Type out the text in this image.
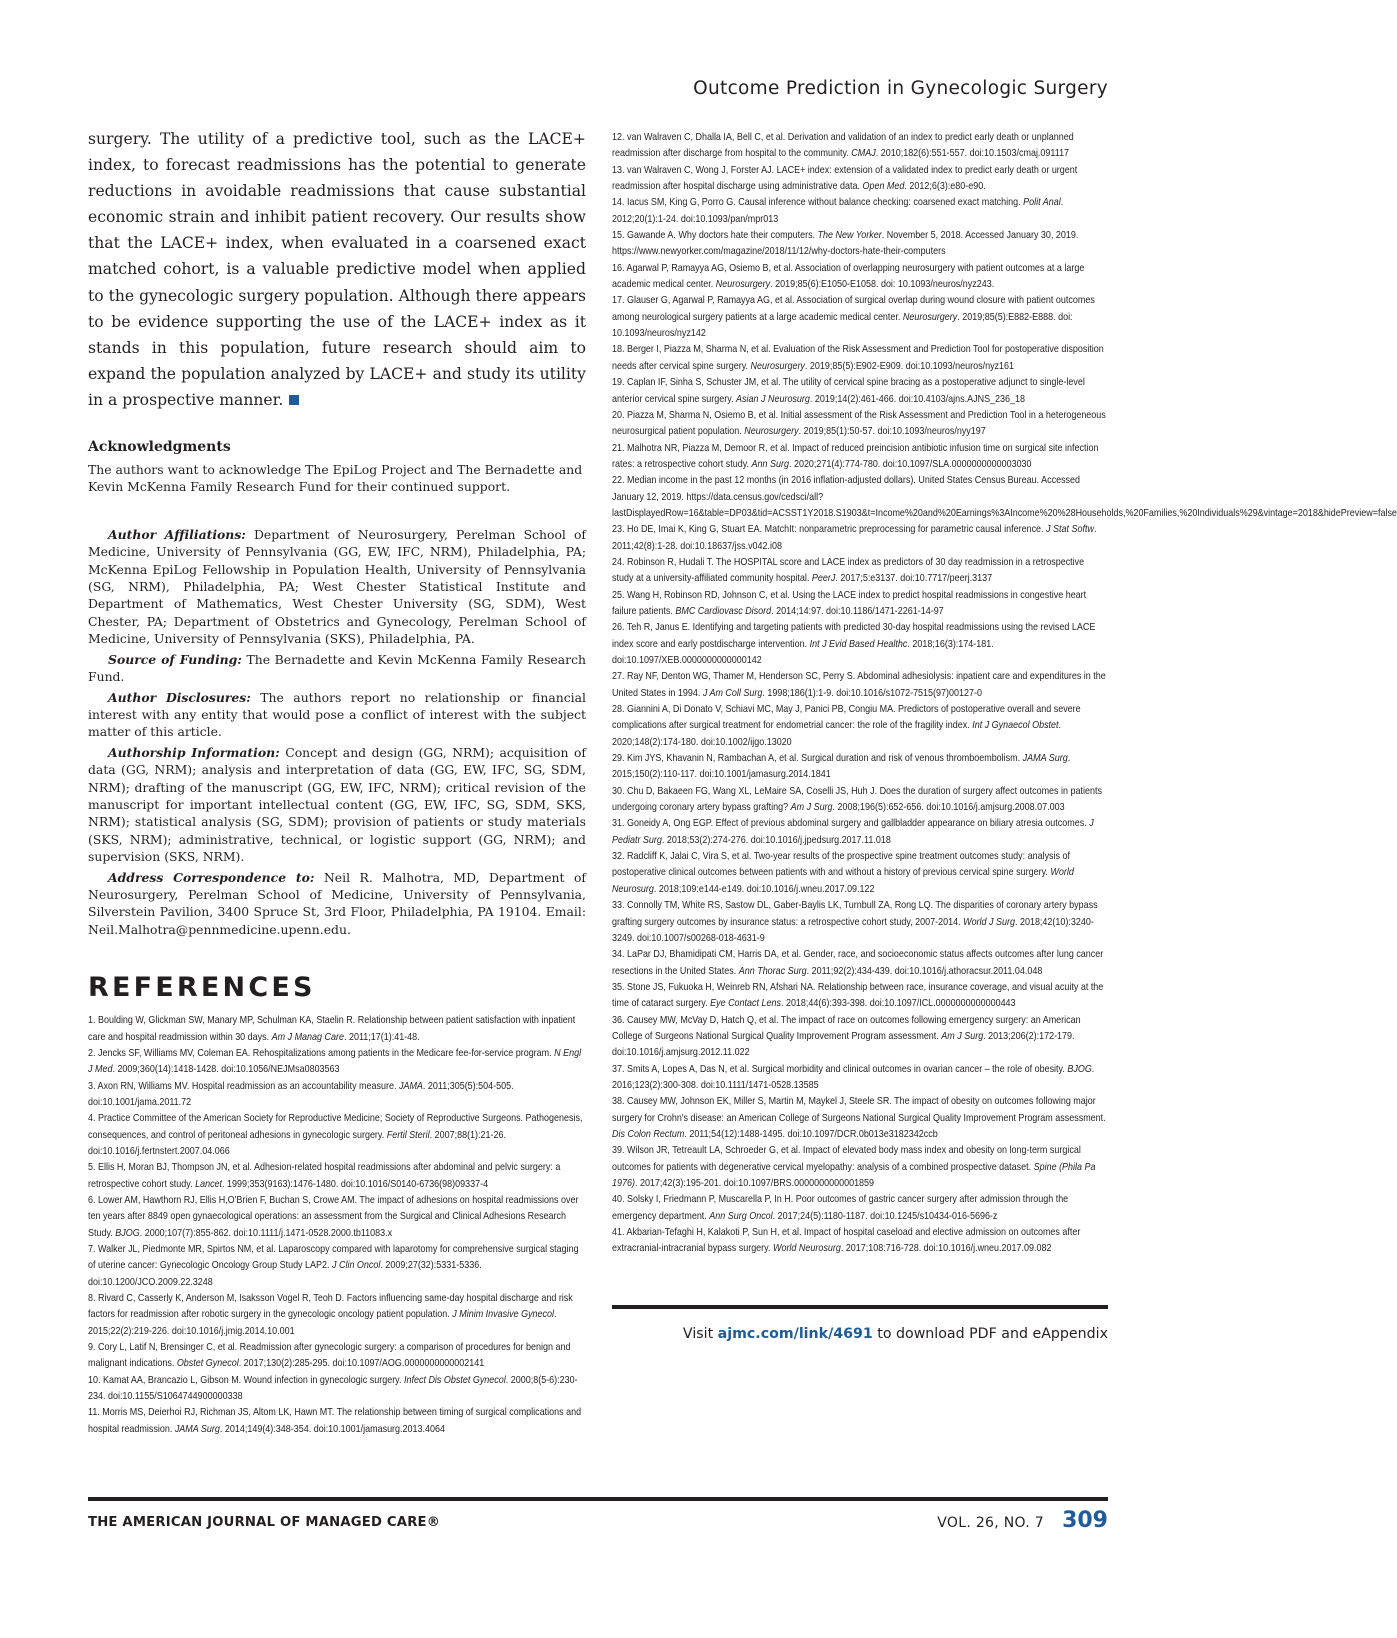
Outcome Prediction in Gynecologic Surgery

surgery. The utility of a predictive tool, such as the LACE+ index, to forecast readmissions has the potential to generate reductions in avoidable readmissions that cause substantial economic strain and inhibit patient recovery. Our results show that the LACE+ index, when evaluated in a coarsened exact matched cohort, is a valuable predictive model when applied to the gynecologic surgery population. Although there appears to be evidence supporting the use of the LACE+ index as it stands in this population, future research should aim to expand the population analyzed by LACE+ and study its utility in a prospective manner.

Acknowledgments

The authors want to acknowledge The EpiLog Project and The Bernadette and Kevin McKenna Family Research Fund for their continued support.

Author Affiliations: Department of Neurosurgery, Perelman School of Medicine, University of Pennsylvania (GG, EW, IFC, NRM), Philadelphia, PA; McKenna EpiLog Fellowship in Population Health, University of Pennsylvania (SG, NRM), Philadelphia, PA; West Chester Statistical Institute and Department of Mathematics, West Chester University (SG, SDM), West Chester, PA; Department of Obstetrics and Gynecology, Perelman School of Medicine, University of Pennsylvania (SKS), Philadelphia, PA.

Source of Funding: The Bernadette and Kevin McKenna Family Research Fund.

Author Disclosures: The authors report no relationship or financial interest with any entity that would pose a conflict of interest with the subject matter of this article.

Authorship Information: Concept and design (GG, NRM); acquisition of data (GG, NRM); analysis and interpretation of data (GG, EW, IFC, SG, SDM, NRM); drafting of the manuscript (GG, EW, IFC, NRM); critical revision of the manuscript for important intellectual content (GG, EW, IFC, SG, SDM, SKS, NRM); statistical analysis (SG, SDM); provision of patients or study materials (SKS, NRM); administrative, technical, or logistic support (GG, NRM); and supervision (SKS, NRM).

Address Correspondence to: Neil R. Malhotra, MD, Department of Neurosurgery, Perelman School of Medicine, University of Pennsylvania, Silverstein Pavilion, 3400 Spruce St, 3rd Floor, Philadelphia, PA 19104. Email: Neil.Malhotra@pennmedicine.upenn.edu.

REFERENCES
1. Boulding W, Glickman SW, Manary MP, Schulman KA, Staelin R. Relationship between patient satisfaction with inpatient care and hospital readmission within 30 days. Am J Manag Care. 2011;17(1):41-48.
2. Jencks SF, Williams MV, Coleman EA. Rehospitalizations among patients in the Medicare fee-for-service program. N Engl J Med. 2009;360(14):1418-1428. doi:10.1056/NEJMsa0803563
3. Axon RN, Williams MV. Hospital readmission as an accountability measure. JAMA. 2011;305(5):504-505. doi:10.1001/jama.2011.72
4. Practice Committee of the American Society for Reproductive Medicine; Society of Reproductive Surgeons. Pathogenesis, consequences, and control of peritoneal adhesions in gynecologic surgery. Fertil Steril. 2007;88(1):21-26. doi:10.1016/j.fertnstert.2007.04.066
5. Ellis H, Moran BJ, Thompson JN, et al. Adhesion-related hospital readmissions after abdominal and pelvic surgery: a retrospective cohort study. Lancet. 1999;353(9163):1476-1480. doi:10.1016/S0140-6736(98)09337-4
6. Lower AM, Hawthorn RJ, Ellis H,O'Brien F, Buchan S, Crowe AM. The impact of adhesions on hospital readmissions over ten years after 8849 open gynaecological operations: an assessment from the Surgical and Clinical Adhesions Research Study. BJOG. 2000;107(7):855-862. doi:10.1111/j.1471-0528.2000.tb11083.x
7. Walker JL, Piedmonte MR, Spirtos NM, et al. Laparoscopy compared with laparotomy for comprehensive surgical staging of uterine cancer: Gynecologic Oncology Group Study LAP2. J Clin Oncol. 2009;27(32):5331-5336. doi:10.1200/JCO.2009.22.3248
8. Rivard C, Casserly K, Anderson M, Isaksson Vogel R, Teoh D. Factors influencing same-day hospital discharge and risk factors for readmission after robotic surgery in the gynecologic oncology patient population. J Minim Invasive Gynecol. 2015;22(2):219-226. doi:10.1016/j.jmig.2014.10.001
9. Cory L, Latif N, Brensinger C, et al. Readmission after gynecologic surgery: a comparison of procedures for benign and malignant indications. Obstet Gynecol. 2017;130(2):285-295. doi:10.1097/AOG.0000000000002141
10. Kamat AA, Brancazio L, Gibson M. Wound infection in gynecologic surgery. Infect Dis Obstet Gynecol. 2000;8(5-6):230-234. doi:10.1155/S1064744900000338
11. Morris MS, Deierhoi RJ, Richman JS, Altom LK, Hawn MT. The relationship between timing of surgical complications and hospital readmission. JAMA Surg. 2014;149(4):348-354. doi:10.1001/jamasurg.2013.4064
12. van Walraven C, Dhalla IA, Bell C, et al. Derivation and validation of an index to predict early death or unplanned readmission after discharge from hospital to the community. CMAJ. 2010;182(6):551-557. doi:10.1503/cmaj.091117
13. van Walraven C, Wong J, Forster AJ. LACE+ index: extension of a validated index to predict early death or urgent readmission after hospital discharge using administrative data. Open Med. 2012;6(3):e80-e90.
14. Iacus SM, King G, Porro G. Causal inference without balance checking: coarsened exact matching. Polit Anal. 2012;20(1):1-24. doi:10.1093/pan/mpr013
15. Gawande A. Why doctors hate their computers. The New Yorker. November 5, 2018. Accessed January 30, 2019. https://www.newyorker.com/magazine/2018/11/12/why-doctors-hate-their-computers
16. Agarwal P, Ramayya AG, Osiemo B, et al. Association of overlapping neurosurgery with patient outcomes at a large academic medical center. Neurosurgery. 2019;85(6):E1050-E1058. doi: 10.1093/neuros/nyz243.
17. Glauser G, Agarwal P, Ramayya AG, et al. Association of surgical overlap during wound closure with patient outcomes among neurological surgery patients at a large academic medical center. Neurosurgery. 2019;85(5):E882-E888. doi: 10.1093/neuros/nyz142
18. Berger I, Piazza M, Sharma N, et al. Evaluation of the Risk Assessment and Prediction Tool for postoperative disposition needs after cervical spine surgery. Neurosurgery. 2019;85(5):E902-E909. doi:10.1093/neuros/nyz161
19. Caplan IF, Sinha S, Schuster JM, et al. The utility of cervical spine bracing as a postoperative adjunct to single-level anterior cervical spine surgery. Asian J Neurosurg. 2019;14(2):461-466. doi:10.4103/ajns.AJNS_236_18
20. Piazza M, Sharma N, Osiemo B, et al. Initial assessment of the Risk Assessment and Prediction Tool in a heterogeneous neurosurgical patient population. Neurosurgery. 2019;85(1):50-57. doi:10.1093/neuros/nyy197
21. Malhotra NR, Piazza M, Demoor R, et al. Impact of reduced preincision antibiotic infusion time on surgical site infection rates: a retrospective cohort study. Ann Surg. 2020;271(4):774-780. doi:10.1097/SLA.0000000000003030
22. Median income in the past 12 months (in 2016 inflation-adjusted dollars). United States Census Bureau. Accessed January 12, 2019. https://data.census.gov/cedsci/all?lastDisplayedRow=16&table=DP03&tid=ACSST1Y2018.S1903&t=Income%20and%20Earnings%3AIncome%20%28Households,%20Families,%20Individuals%29&vintage=2018&hidePreview=false
23. Ho DE, Imai K, King G, Stuart EA. MatchIt: nonparametric preprocessing for parametric causal inference. J Stat Softw. 2011;42(8):1-28. doi:10.18637/jss.v042.i08
24. Robinson R, Hudali T. The HOSPITAL score and LACE index as predictors of 30 day readmission in a retrospective study at a university-affiliated community hospital. PeerJ. 2017;5:e3137. doi:10.7717/peerj.3137
25. Wang H, Robinson RD, Johnson C, et al. Using the LACE index to predict hospital readmissions in congestive heart failure patients. BMC Cardiovasc Disord. 2014;14:97. doi:10.1186/1471-2261-14-97
26. Teh R, Janus E. Identifying and targeting patients with predicted 30-day hospital readmissions using the revised LACE index score and early postdischarge intervention. Int J Evid Based Healthc. 2018;16(3):174-181. doi:10.1097/XEB.0000000000000142
27. Ray NF, Denton WG, Thamer M, Henderson SC, Perry S. Abdominal adhesiolysis: inpatient care and expenditures in the United States in 1994. J Am Coll Surg. 1998;186(1):1-9. doi:10.1016/s1072-7515(97)00127-0
28. Giannini A, Di Donato V, Schiavi MC, May J, Panici PB, Congiu MA. Predictors of postoperative overall and severe complications after surgical treatment for endometrial cancer: the role of the fragility index. Int J Gynaecol Obstet. 2020;148(2):174-180. doi:10.1002/ijgo.13020
29. Kim JYS, Khavanin N, Rambachan A, et al. Surgical duration and risk of venous thromboembolism. JAMA Surg. 2015;150(2):110-117. doi:10.1001/jamasurg.2014.1841
30. Chu D, Bakaeen FG, Wang XL, LeMaire SA, Coselli JS, Huh J. Does the duration of surgery affect outcomes in patients undergoing coronary artery bypass grafting? Am J Surg. 2008;196(5):652-656. doi:10.1016/j.amjsurg.2008.07.003
31. Goneidy A, Ong EGP. Effect of previous abdominal surgery and gallbladder appearance on biliary atresia outcomes. J Pediatr Surg. 2018;53(2):274-276. doi:10.1016/j.jpedsurg.2017.11.018
32. Radcliff K, Jalai C, Vira S, et al. Two-year results of the prospective spine treatment outcomes study: analysis of postoperative clinical outcomes between patients with and without a history of previous cervical spine surgery. World Neurosurg. 2018;109:e144-e149. doi:10.1016/j.wneu.2017.09.122
33. Connolly TM, White RS, Sastow DL, Gaber-Baylis LK, Turnbull ZA, Rong LQ. The disparities of coronary artery bypass grafting surgery outcomes by insurance status: a retrospective cohort study, 2007-2014. World J Surg. 2018;42(10):3240-3249. doi:10.1007/s00268-018-4631-9
34. LaPar DJ, Bhamidipati CM, Harris DA, et al. Gender, race, and socioeconomic status affects outcomes after lung cancer resections in the United States. Ann Thorac Surg. 2011;92(2):434-439. doi:10.1016/j.athoracsur.2011.04.048
35. Stone JS, Fukuoka H, Weinreb RN, Afshari NA. Relationship between race, insurance coverage, and visual acuity at the time of cataract surgery. Eye Contact Lens. 2018;44(6):393-398. doi:10.1097/ICL.0000000000000443
36. Causey MW, McVay D, Hatch Q, et al. The impact of race on outcomes following emergency surgery: an American College of Surgeons National Surgical Quality Improvement Program assessment. Am J Surg. 2013;206(2):172-179. doi:10.1016/j.amjsurg.2012.11.022
37. Smits A, Lopes A, Das N, et al. Surgical morbidity and clinical outcomes in ovarian cancer – the role of obesity. BJOG. 2016;123(2):300-308. doi:10.1111/1471-0528.13585
38. Causey MW, Johnson EK, Miller S, Martin M, Maykel J, Steele SR. The impact of obesity on outcomes following major surgery for Crohn's disease: an American College of Surgeons National Surgical Quality Improvement Program assessment. Dis Colon Rectum. 2011;54(12):1488-1495. doi:10.1097/DCR.0b013e3182342ccb
39. Wilson JR, Tetreault LA, Schroeder G, et al. Impact of elevated body mass index and obesity on long-term surgical outcomes for patients with degenerative cervical myelopathy: analysis of a combined prospective dataset. Spine (Phila Pa 1976). 2017;42(3):195-201. doi:10.1097/BRS.0000000000001859
40. Solsky I, Friedmann P, Muscarella P, In H. Poor outcomes of gastric cancer surgery after admission through the emergency department. Ann Surg Oncol. 2017;24(5):1180-1187. doi:10.1245/s10434-016-5696-z
41. Akbarian-Tefaghi H, Kalakoti P, Sun H, et al. Impact of hospital caseload and elective admission on outcomes after extracranial-intracranial bypass surgery. World Neurosurg. 2017;108:716-728. doi:10.1016/j.wneu.2017.09.082
Visit ajmc.com/link/4691 to download PDF and eAppendix
THE AMERICAN JOURNAL OF MANAGED CARE®	VOL. 26, NO. 7 309
